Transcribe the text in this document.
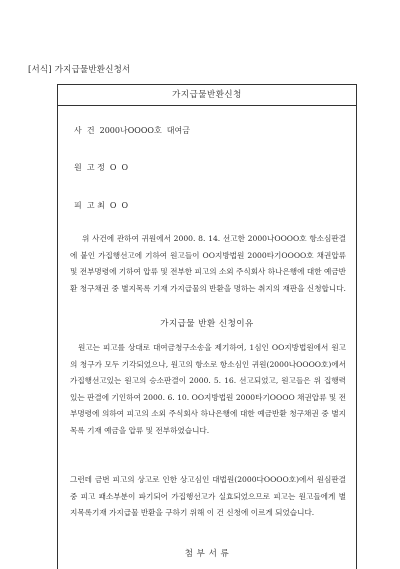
[서식] 가지급물반환신청서
가지급물반환신청
사  건  2000나OOOO호  대여금
원  고 정  O  O
피  고 최  O  O
위 사건에 관하여 귀원에서 2000. 8. 14. 선고한 2000나OOOO호 항소심판결에 붙인 가집행선고에 기하여 원고들이 OO지방법원 2000타기OOOO호 채권압류 및 전부명령에 기하여 압류 및 전부한 피고의 소외 주식회사 하나은행에 대한 예금반환 청구채권 중 별지목록 기재 가지급물의 반환을 명하는 취지의 재판을 신청합니다.
가지급물 반환 신청이유
원고는 피고를 상대로 대여금청구소송을 제기하여, 1심인 OO지방법원에서 원고의 청구가 모두 기각되었으나, 원고의 항소로 항소심인 귀원(2000나OOOO호)에서 가집행선고있는 원고의 승소판결이 2000. 5. 16. 선고되었고, 원고들은 위 집행력있는 판결에 기인하여 2000. 6. 10. OO지방법원 2000타기OOOO 채권압류 및 전부명령에 의하여 피고의 소외 주식회사 하나은행에 대한 예금반환 청구채권 중 별지목록 기재 예금을 압류 및 전부하였습니다.
그런데 금번 피고의 상고로 인한 상고심인 대법원(2000다OOOO호)에서 원심판결 중 피고 패소부분이 파기되어 가집행선고가 실효되었으므로 피고는 원고들에게 별지목록기재 가지급물 반환을 구하기 위해 이 건 신청에 이르게 되었습니다.
첨 부 서 류
